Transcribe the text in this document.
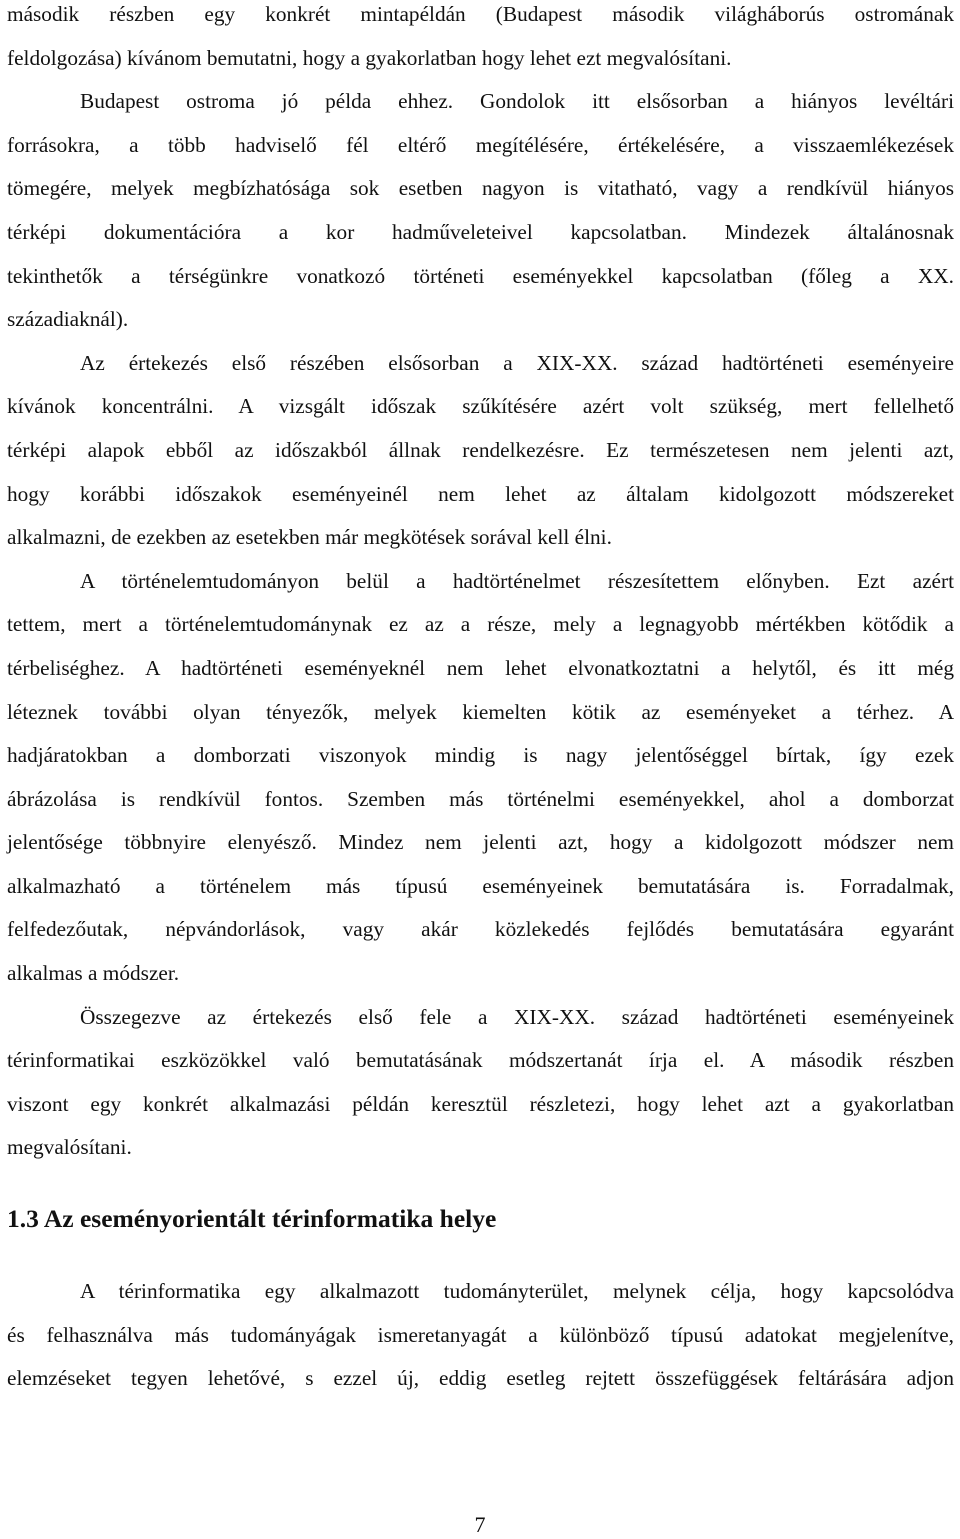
második részben egy konkrét mintapéldán (Budapest második világháborús ostromának
feldolgozása) kívánom bemutatni, hogy a gyakorlatban hogy lehet ezt megvalósítani.
Budapest ostroma jó példa ehhez. Gondolok itt elsősorban a hiányos levéltári
forrásokra, a több hadviselő fél eltérő megítélésére, értékelésére, a visszaemlékezések
tömegére, melyek megbízhatósága sok esetben nagyon is vitatható, vagy a rendkívül hiányos
térképi dokumentációra a kor hadműveleteivel kapcsolatban. Mindezek általánosnak
tekinthetők a térségünkre vonatkozó történeti eseményekkel kapcsolatban (főleg a XX.
századiaknál).
Az értekezés első részében elsősorban a XIX-XX. század hadtörténeti eseményeire
kívánok koncentrálni. A vizsgált időszak szűkítésére azért volt szükség, mert fellelhető
térképi alapok ebből az időszakból állnak rendelkezésre. Ez természetesen nem jelenti azt,
hogy korábbi időszakok eseményeinél nem lehet az általam kidolgozott módszereket
alkalmazni, de ezekben az esetekben már megkötések sorával kell élni.
A történelemtudományon belül a hadtörténelmet részesítettem előnyben. Ezt azért
tettem, mert a történelemtudománynak ez az a része, mely a legnagyobb mértékben kötődik a
térbeliséghez. A hadtörténeti eseményeknél nem lehet elvonatkoztatni a helytől, és itt még
léteznek további olyan tényezők, melyek kiemelten kötik az eseményeket a térhez. A
hadjáratokban a domborzati viszonyok mindig is nagy jelentőséggel bírtak, így ezek
ábrázolása is rendkívül fontos. Szemben más történelmi eseményekkel, ahol a domborzat
jelentősége többnyire elenyésző. Mindez nem jelenti azt, hogy a kidolgozott módszer nem
alkalmazható a történelem más típusú eseményeinek bemutatására is. Forradalmak,
felfedezőutak, népvándorlások, vagy akár közlekedés fejlődés bemutatására egyaránt
alkalmas a módszer.
Összegezve az értekezés első fele a XIX-XX. század hadtörténeti eseményeinek
térinformatikai eszközökkel való bemutatásának módszertanát írja el. A második részben
viszont egy konkrét alkalmazási példán keresztül részletezi, hogy lehet azt a gyakorlatban
megvalósítani.
1.3 Az eseményorientált térinformatika helye
A térinformatika egy alkalmazott tudományterület, melynek célja, hogy kapcsolódva
és felhasználva más tudományágak ismeretanyagát a különböző típusú adatokat megjelenítve,
elemzéseket tegyen lehetővé, s ezzel új, eddig esetleg rejtett összefüggések feltárására adjon
7
